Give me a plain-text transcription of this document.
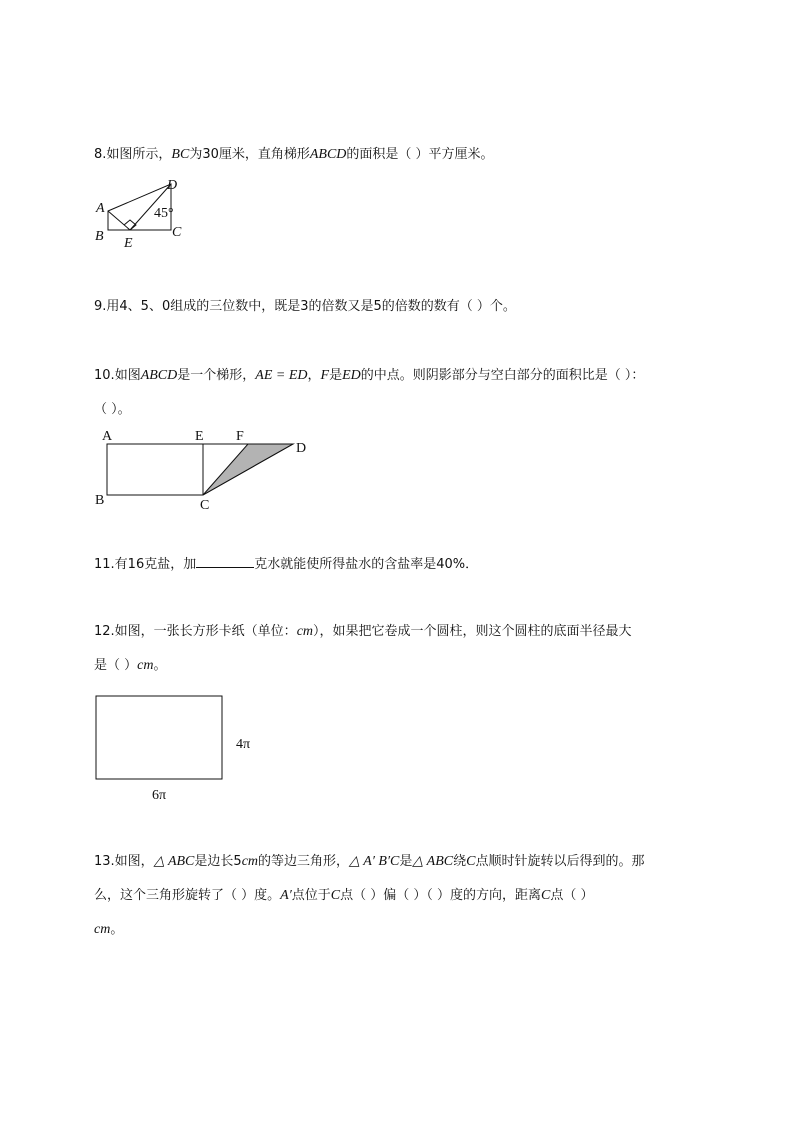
8.如图所示，BC为30厘米，直角梯形ABCD的面积是（ ）平方厘米。
A
B	C
D
E
45°
9.用4、5、0组成的三位数中，既是3的倍数又是5的倍数的数有（ ）个。
10.如图ABCD是一个梯形，AE = ED，F是ED的中点。则阴影部分与空白部分的面积比是（ ）：
（ ）。
A	E F
D
B	C
11.有16克盐，加	克水就能使所得盐水的含盐率是40%．
12.如图，一张长方形卡纸（单位：cm），如果把它卷成一个圆柱，则这个圆柱的底面半径最大
是（ ）cm。
4π
6π
13.如图，△ ABC是边长5cm的等边三角形，△ A′ B′C是△ ABC绕C点顺时针旋转以后得到的。那
么，这个三角形旋转了（ ）度。A′点位于C点（ ）偏（ ）（ ）度的方向，距离C点（ ）
cm。
